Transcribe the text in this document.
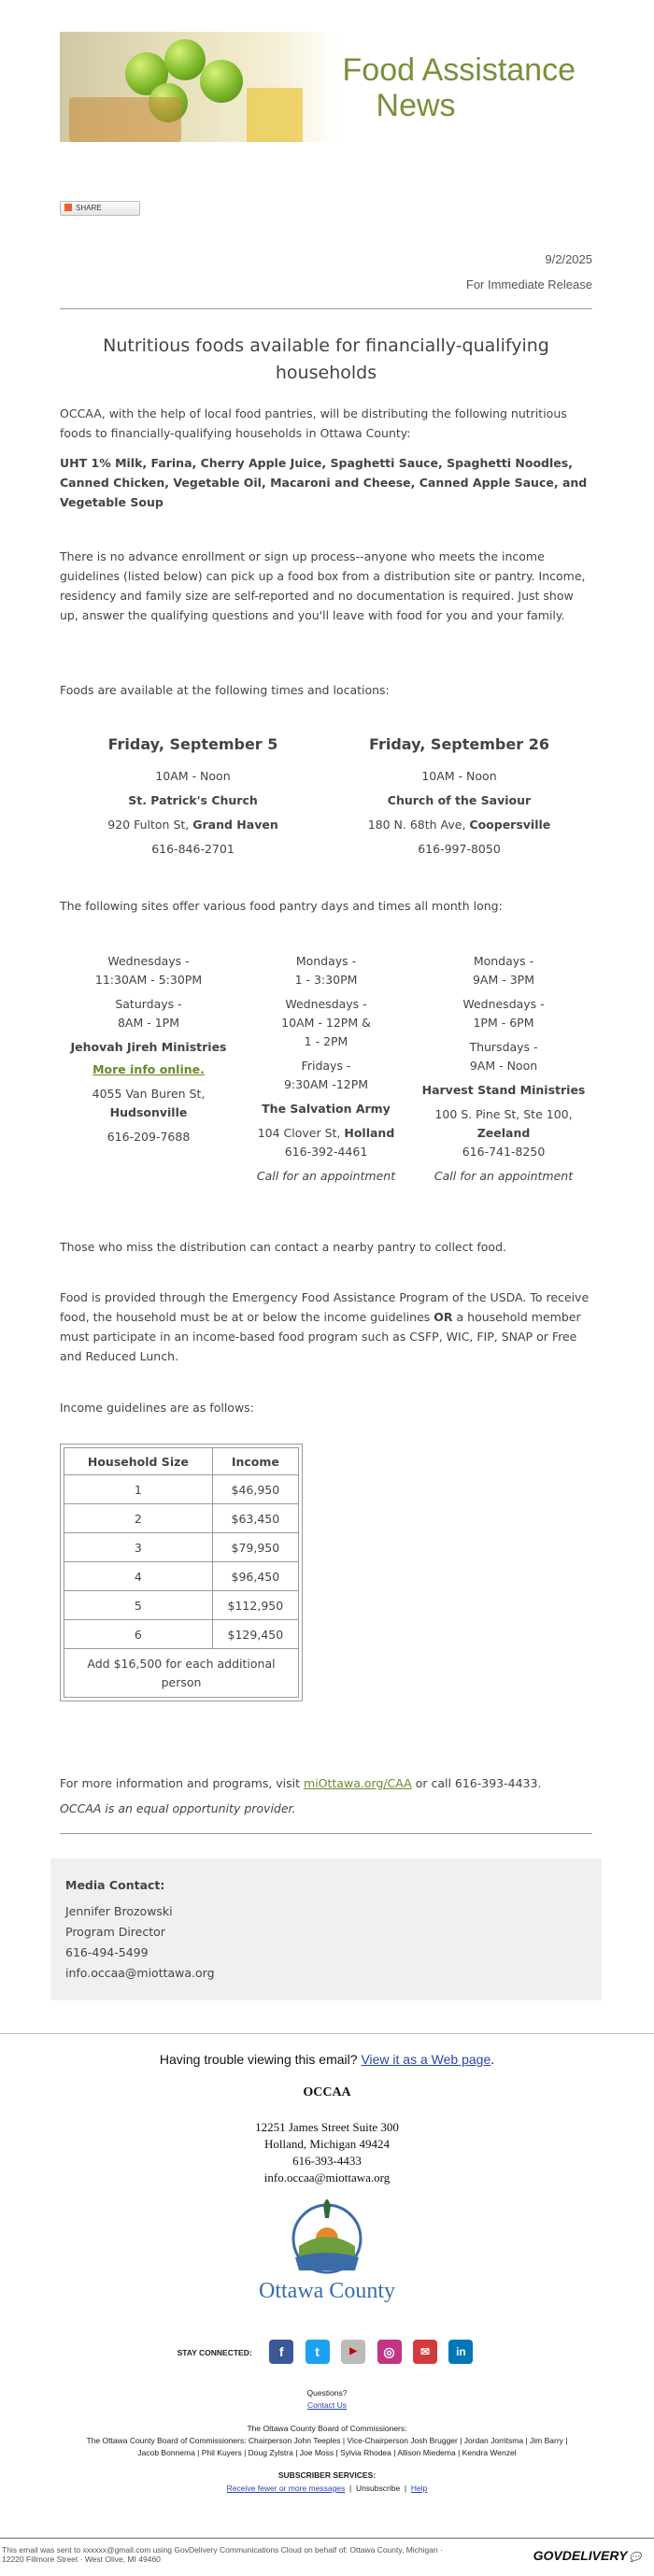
Food Assistance
News
SHARE
9/2/2025
For Immediate Release
Nutritious foods available for financially-qualifying households
OCCAA, with the help of local food pantries, will be distributing the following nutritious foods to financially-qualifying households in Ottawa County:
UHT 1% Milk, Farina, Cherry Apple Juice, Spaghetti Sauce, Spaghetti Noodles, Canned Chicken, Vegetable Oil, Macaroni and Cheese, Canned Apple Sauce, and Vegetable Soup
There is no advance enrollment or sign up process--anyone who meets the income guidelines (listed below) can pick up a food box from a distribution site or pantry. Income, residency and family size are self-reported and no documentation is required. Just show up, answer the qualifying questions and you'll leave with food for you and your family.
Foods are available at the following times and locations:
Friday, September 5
10AM - Noon
St. Patrick's Church
920 Fulton St, Grand Haven
616-846-2701
Friday, September 26
10AM - Noon
Church of the Saviour
180 N. 68th Ave, Coopersville
616-997-8050
The following sites offer various food pantry days and times all month long:
Wednesdays -
11:30AM - 5:30PM
Saturdays -
8AM - 1PM
Jehovah Jireh Ministries
More info online.
4055 Van Buren St,
Hudsonville
616-209-7688
Mondays -
1 - 3:30PM
Wednesdays -
10AM - 12PM &
1 - 2PM
Fridays -
9:30AM -12PM
The Salvation Army
104 Clover St, Holland
616-392-4461
Call for an appointment
Mondays -
9AM - 3PM
Wednesdays -
1PM - 6PM
Thursdays -
9AM - Noon
Harvest Stand Ministries
100 S. Pine St, Ste 100,
Zeeland
616-741-8250
Call for an appointment
Those who miss the distribution can contact a nearby pantry to collect food.
Food is provided through the Emergency Food Assistance Program of the USDA. To receive food, the household must be at or below the income guidelines OR a household member must participate in an income-based food program such as CSFP, WIC, FIP, SNAP or Free and Reduced Lunch.
Income guidelines are as follows:
Household Size	Income
1	$46,950
2	$63,450
3	$79,950
4	$96,450
5	$112,950
6	$129,450
Add $16,500 for each additional person	
For more information and programs, visit miOttawa.org/CAA or call 616-393-4433.
OCCAA is an equal opportunity provider.
Media Contact:
Jennifer Brozowski
Program Director
616-494-5499
info.occaa@miottawa.org
Having trouble viewing this email? View it as a Web page.
OCCAA
12251 James Street Suite 300
Holland, Michigan 49424
616-393-4433
info.occaa@miottawa.org
Ottawa County
STAY CONNECTED: f t	▶ ◎ ✉ in
Questions?
Contact Us
The Ottawa County Board of Commissioners:
The Ottawa County Board of Commissioners: Chairperson John Teeples | Vice-Chairperson Josh Brugger | Jordan Jorritsma | Jim Barry |
Jacob Bonnema | Phil Kuyers | Doug Zylstra | Joe Moss | Sylvia Rhodea | Allison Miedema | Kendra Wenzel
SUBSCRIBER SERVICES:
Receive fewer or more messages  |  Unsubscribe  |  Help
This email was sent to xxxxxx@gmail.com using GovDelivery Communications Cloud on behalf of: Ottawa County, Michigan ·
12220 Fillmore Street · West Olive, MI 49460	GOVDELIVERY 💬
